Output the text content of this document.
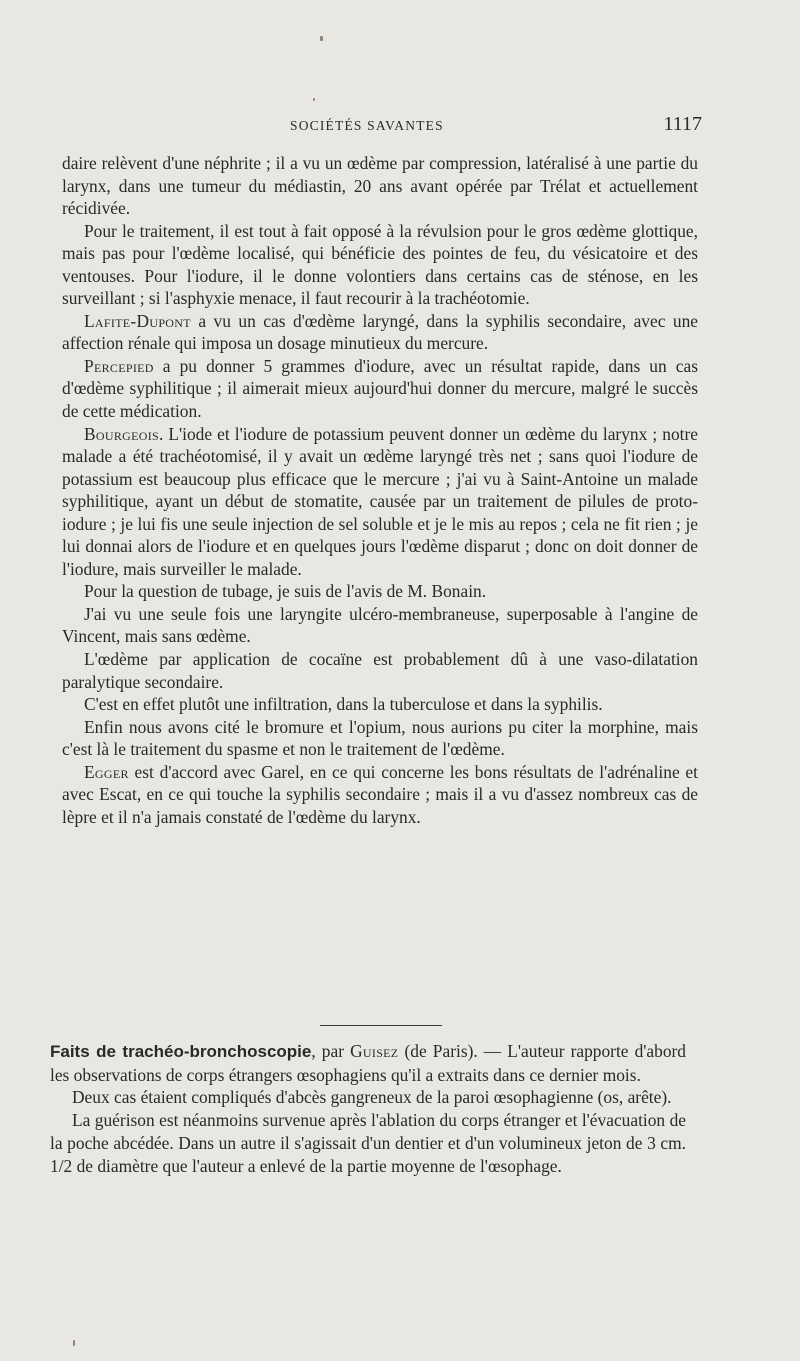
SOCIÉTÉS SAVANTES	1117

daire relèvent d'une néphrite ; il a vu un œdème par compression, latéralisé à une partie du larynx, dans une tumeur du médiastin, 20 ans avant opérée par Trélat et actuellement récidivée.

Pour le traitement, il est tout à fait opposé à la révulsion pour le gros œdème glottique, mais pas pour l'œdème localisé, qui bénéficie des pointes de feu, du vésicatoire et des ventouses. Pour l'iodure, il le donne volontiers dans certains cas de sténose, en les surveillant ; si l'asphyxie menace, il faut recourir à la trachéotomie.

Lafite-Dupont a vu un cas d'œdème laryngé, dans la syphilis secondaire, avec une affection rénale qui imposa un dosage minutieux du mercure.

Percepied a pu donner 5 grammes d'iodure, avec un résultat rapide, dans un cas d'œdème syphilitique ; il aimerait mieux aujourd'hui donner du mercure, malgré le succès de cette médication.

Bourgeois. L'iode et l'iodure de potassium peuvent donner un œdème du larynx ; notre malade a été trachéotomisé, il y avait un œdème laryngé très net ; sans quoi l'iodure de potassium est beaucoup plus efficace que le mercure ; j'ai vu à Saint-Antoine un malade syphilitique, ayant un début de stomatite, causée par un traitement de pilules de proto-iodure ; je lui fis une seule injection de sel soluble et je le mis au repos ; cela ne fit rien ; je lui donnai alors de l'iodure et en quelques jours l'œdème disparut ; donc on doit donner de l'iodure, mais surveiller le malade.

Pour la question de tubage, je suis de l'avis de M. Bonain.

J'ai vu une seule fois une laryngite ulcéro-membraneuse, superposable à l'angine de Vincent, mais sans œdème.

L'œdème par application de cocaïne est probablement dû à une vaso-dilatation paralytique secondaire.

C'est en effet plutôt une infiltration, dans la tuberculose et dans la syphilis.

Enfin nous avons cité le bromure et l'opium, nous aurions pu citer la morphine, mais c'est là le traitement du spasme et non le traitement de l'œdème.

Egger est d'accord avec Garel, en ce qui concerne les bons résultats de l'adrénaline et avec Escat, en ce qui touche la syphilis secondaire ; mais il a vu d'assez nombreux cas de lèpre et il n'a jamais constaté de l'œdème du larynx.

Faits de trachéo-bronchoscopie, par Guisez (de Paris). — L'auteur rapporte d'abord les observations de corps étrangers œsophagiens qu'il a extraits dans ce dernier mois.

Deux cas étaient compliqués d'abcès gangreneux de la paroi œsophagienne (os, arête).

La guérison est néanmoins survenue après l'ablation du corps étranger et l'évacuation de la poche abcédée. Dans un autre il s'agissait d'un dentier et d'un volumineux jeton de 3 cm. 1/2 de diamètre que l'auteur a enlevé de la partie moyenne de l'œsophage.
